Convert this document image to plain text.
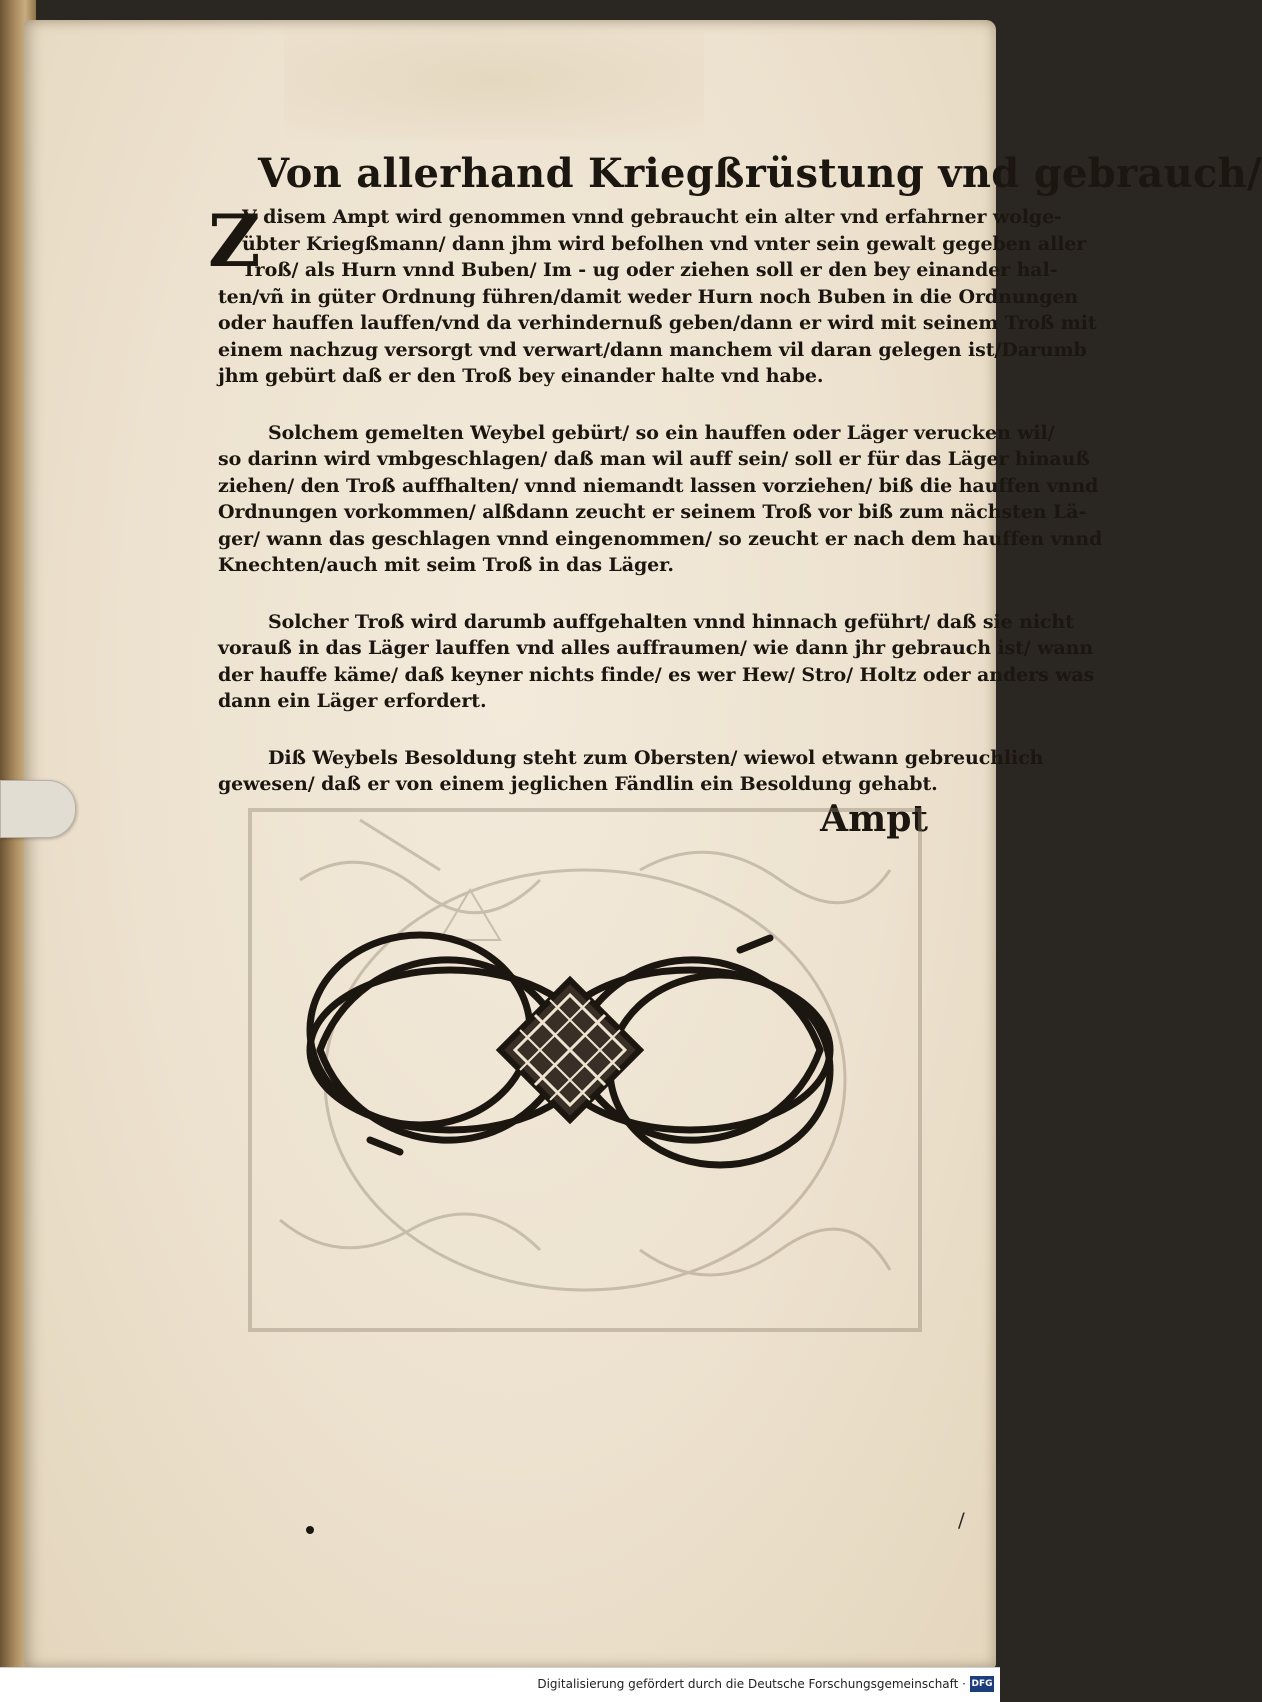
Von allerhand Kriegßrüstung vnd gebrauch/
Z
V disem Ampt wird genommen vnnd gebraucht ein alter vnd erfahrner wolge-
übter Kriegßmann/ dann jhm wird befolhen vnd vnter sein gewalt gegeben aller
Troß/ als Hurn vnnd Buben/ Im ‑ ug oder ziehen soll er den bey einander hal-
ten/vñ in güter Ordnung führen/damit weder Hurn noch Buben in die Ordnungen
oder hauffen lauffen/vnd da verhindernuß geben/dann er wird mit seinem Troß mit
einem nachzug versorgt vnd verwart/dann manchem vil daran gelegen ist/Darumb
jhm gebürt daß er den Troß bey einander halte vnd habe.
Solchem gemelten Weybel gebürt/ so ein hauffen oder Läger verucken wil/
so darinn wird vmbgeschlagen/ daß man wil auff sein/ soll er für das Läger hinauß
ziehen/ den Troß auffhalten/ vnnd niemandt lassen vorziehen/ biß die hauffen vnnd
Ordnungen vorkommen/ alßdann zeucht er seinem Troß vor biß zum nächsten Lä-
ger/ wann das geschlagen vnnd eingenommen/ so zeucht er nach dem hauffen vnnd
Knechten/auch mit seim Troß in das Läger.
Solcher Troß wird darumb auffgehalten vnnd hinnach geführt/ daß sie nicht
vorauß in das Läger lauffen vnd alles auffraumen/ wie dann jhr gebrauch ist/ wann
der hauffe käme/ daß keyner nichts finde/ es wer Hew/ Stro/ Holtz oder anders was
dann ein Läger erfordert.
Diß Weybels Besoldung steht zum Obersten/ wiewol etwann gebreuchlich
gewesen/ daß er von einem jeglichen Fändlin ein Besoldung gehabt.
Ampt
/
Digitalisierung gefördert durch die Deutsche Forschungsgemeinschaft · DFG
